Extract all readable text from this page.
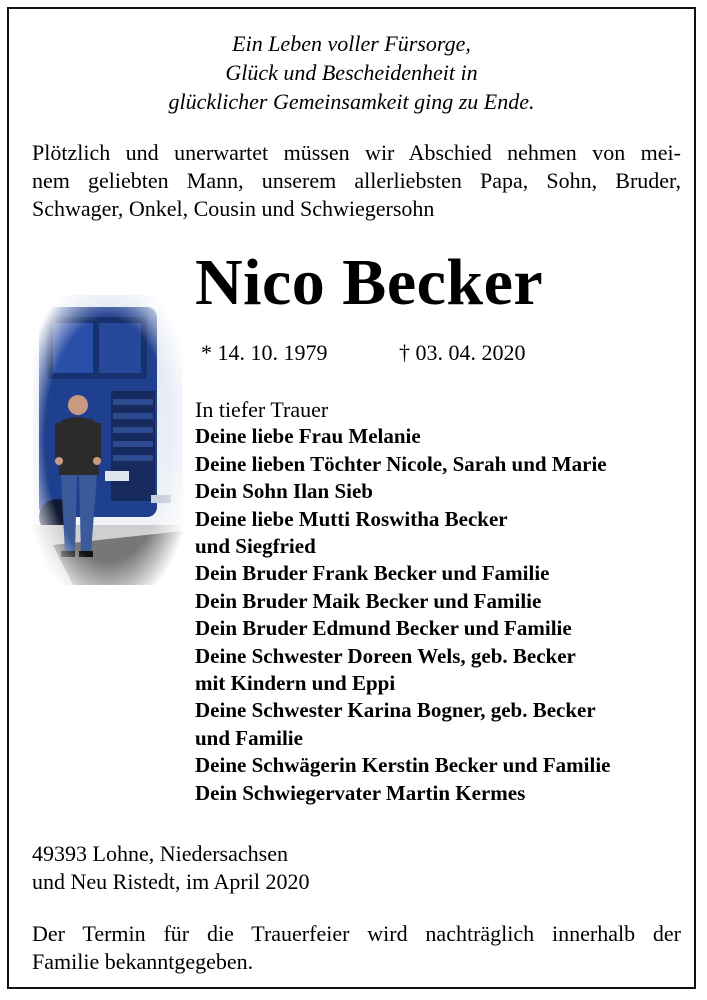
Ein Leben voller Fürsorge,
Glück und Bescheidenheit in
glücklicher Gemeinsamkeit ging zu Ende.
Plötzlich und unerwartet müssen wir Abschied nehmen von mei-
nem geliebten Mann, unserem allerliebsten Papa, Sohn, Bruder,
Schwager, Onkel, Cousin und Schwiegersohn
Nico Becker
* 14. 10. 1979	† 03. 04. 2020
In tiefer Trauer
Deine liebe Frau Melanie
Deine lieben Töchter Nicole, Sarah und Marie
Dein Sohn Ilan Sieb
Deine liebe Mutti Roswitha Becker
und Siegfried
Dein Bruder Frank Becker und Familie
Dein Bruder Maik Becker und Familie
Dein Bruder Edmund Becker und Familie
Deine Schwester Doreen Wels, geb. Becker
mit Kindern und Eppi
Deine Schwester Karina Bogner, geb. Becker
und Familie
Deine Schwägerin Kerstin Becker und Familie
Dein Schwiegervater Martin Kermes
49393 Lohne, Niedersachsen
und Neu Ristedt, im April 2020
Der Termin für die Trauerfeier wird nachträglich innerhalb der
Familie bekanntgegeben.
